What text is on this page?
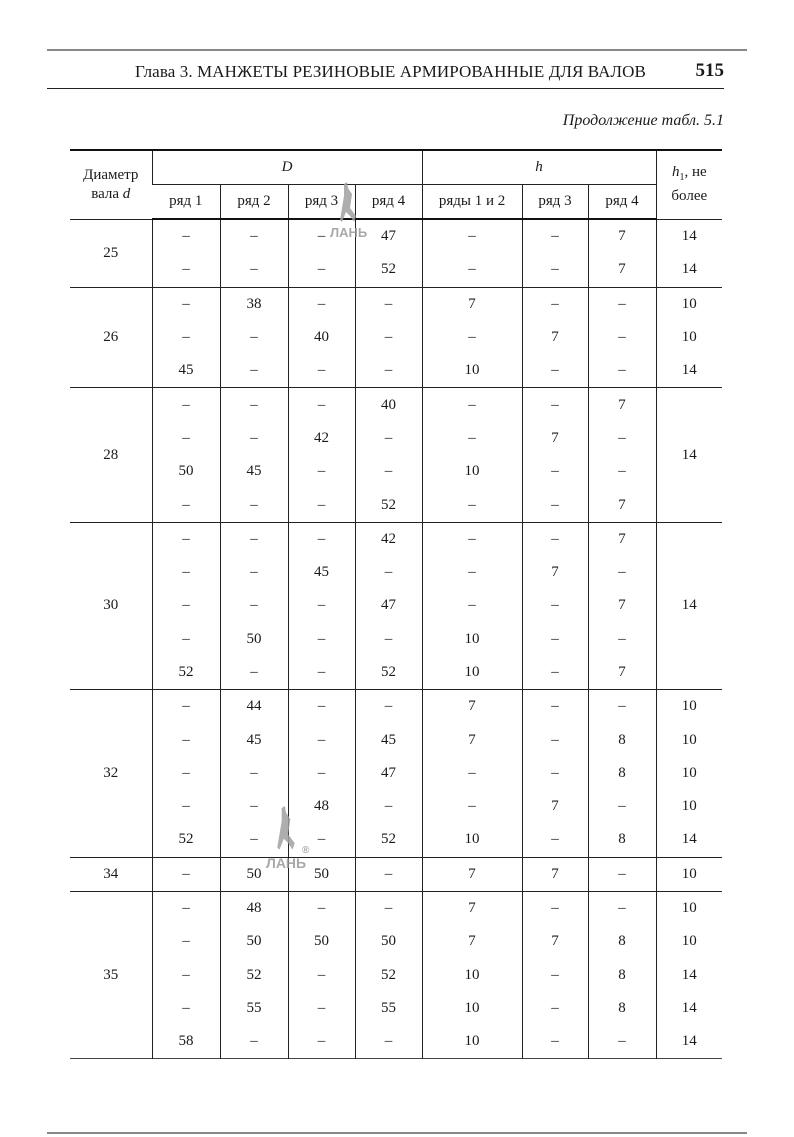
Глава 3. МАНЖЕТЫ РЕЗИНОВЫЕ АРМИРОВАННЫЕ ДЛЯ ВАЛОВ	515
Продолжение табл. 5.1
Диаметр
вала d	D				h			$h_1$, не
более
	ряд 1	ряд 2	ряд 3	ряд 4	ряды 1 и 2	ряд 3	ряд 4	
25	–	–	–	47	–	–	7	14
	–	–	–	52	–	–	7	14
26	–	38	–	–	7	–	–	10
	–	–	40	–	–	7	–	10
	45	–	–	–	10	–	–	14
28	–	–	–	40	–	–	7	14
	–	–	42	–	–	7	–	
	50	45	–	–	10	–	–	
	–	–	–	52	–	–	7	
30	–	–	–	42	–	–	7	14
	–	–	45	–	–	7	–	
	–	–	–	47	–	–	7	
	–	50	–	–	10	–	–	
	52	–	–	52	10	–	7	
32	–	44	–	–	7	–	–	10
	–	45	–	45	7	–	8	10
	–	–	–	47	–	–	8	10
	–	–	48	–	–	7	–	10
	52	–	–	52	10	–	8	14
34	–	50	50	–	7	7	–	10
35	–	48	–	–	7	–	–	10
	–	50	50	50	7	7	8	10
	–	52	–	52	10	–	8	14
	–	55	–	55	10	–	8	14
	58	–	–	–	10	–	–	14
ЛАНЬ
ЛАНЬ
®
